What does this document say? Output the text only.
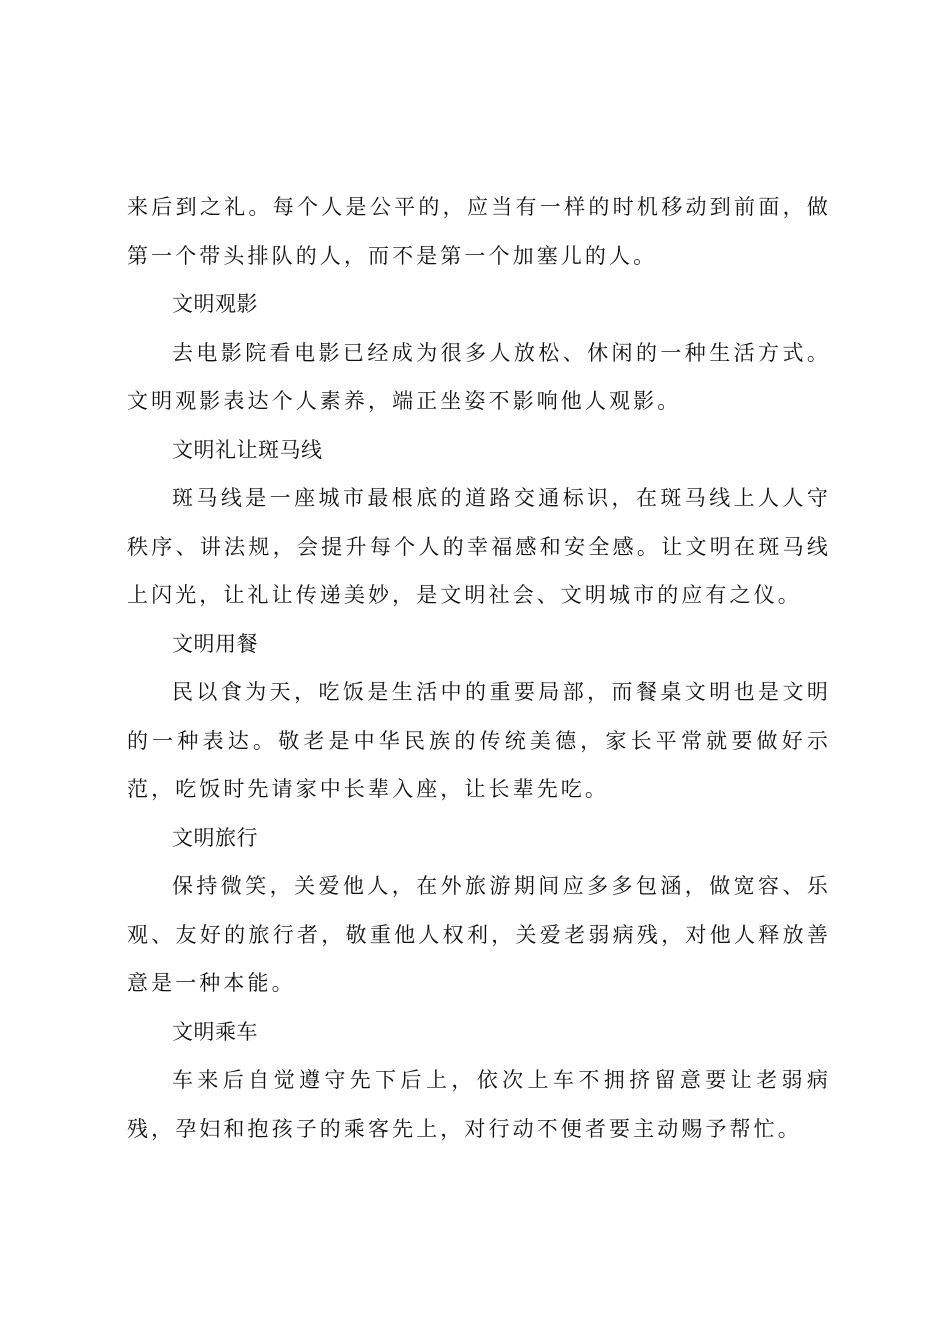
来后到之礼。每个人是公平的，应当有一样的时机移动到前面，做第一个带头排队的人，而不是第一个加塞儿的人。

文明观影

去电影院看电影已经成为很多人放松、休闲的一种生活方式。文明观影表达个人素养，端正坐姿不影响他人观影。

文明礼让斑马线

斑马线是一座城市最根底的道路交通标识，在斑马线上人人守秩序、讲法规，会提升每个人的幸福感和安全感。让文明在斑马线上闪光，让礼让传递美妙，是文明社会、文明城市的应有之仪。

文明用餐

民以食为天，吃饭是生活中的重要局部，而餐桌文明也是文明的一种表达。敬老是中华民族的传统美德，家长平常就要做好示范，吃饭时先请家中长辈入座，让长辈先吃。

文明旅行

保持微笑，关爱他人，在外旅游期间应多多包涵，做宽容、乐观、友好的旅行者，敬重他人权利，关爱老弱病残，对他人释放善意是一种本能。

文明乘车

车来后自觉遵守先下后上，依次上车不拥挤留意要让老弱病残，孕妇和抱孩子的乘客先上，对行动不便者要主动赐予帮忙。
